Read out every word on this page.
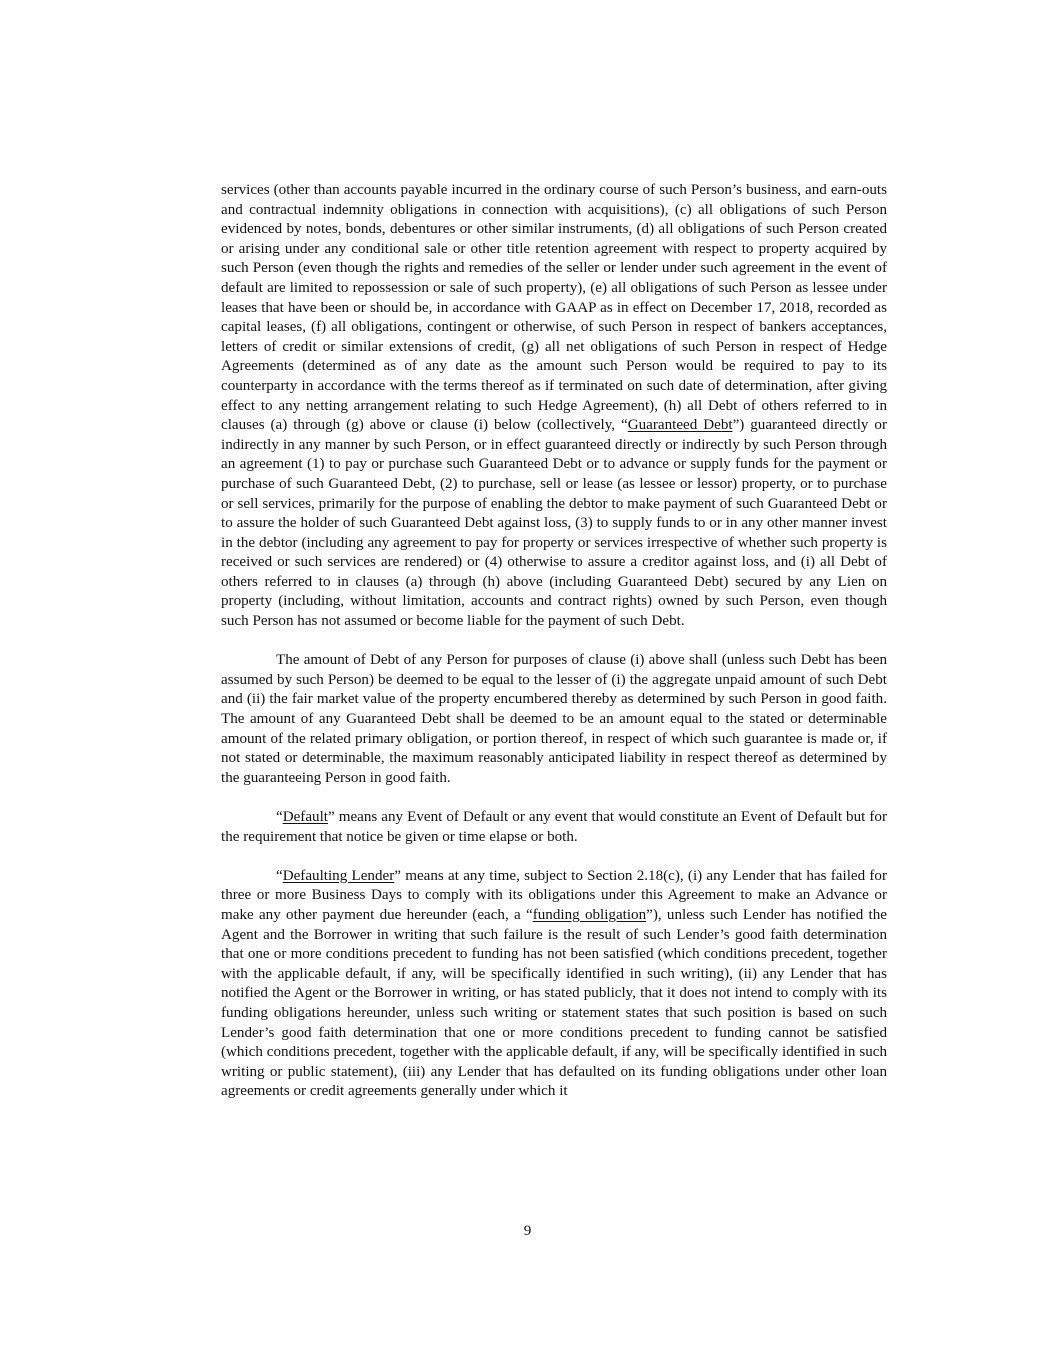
services (other than accounts payable incurred in the ordinary course of such Person’s business, and earn-outs and contractual indemnity obligations in connection with acquisitions), (c) all obligations of such Person evidenced by notes, bonds, debentures or other similar instruments, (d) all obligations of such Person created or arising under any conditional sale or other title retention agreement with respect to property acquired by such Person (even though the rights and remedies of the seller or lender under such agreement in the event of default are limited to repossession or sale of such property), (e) all obligations of such Person as lessee under leases that have been or should be, in accordance with GAAP as in effect on December 17, 2018, recorded as capital leases, (f) all obligations, contingent or otherwise, of such Person in respect of bankers acceptances, letters of credit or similar extensions of credit, (g) all net obligations of such Person in respect of Hedge Agreements (determined as of any date as the amount such Person would be required to pay to its counterparty in accordance with the terms thereof as if terminated on such date of determination, after giving effect to any netting arrangement relating to such Hedge Agreement), (h) all Debt of others referred to in clauses (a) through (g) above or clause (i) below (collectively, “Guaranteed Debt”) guaranteed directly or indirectly in any manner by such Person, or in effect guaranteed directly or indirectly by such Person through an agreement (1) to pay or purchase such Guaranteed Debt or to advance or supply funds for the payment or purchase of such Guaranteed Debt, (2) to purchase, sell or lease (as lessee or lessor) property, or to purchase or sell services, primarily for the purpose of enabling the debtor to make payment of such Guaranteed Debt or to assure the holder of such Guaranteed Debt against loss, (3) to supply funds to or in any other manner invest in the debtor (including any agreement to pay for property or services irrespective of whether such property is received or such services are rendered) or (4) otherwise to assure a creditor against loss, and (i) all Debt of others referred to in clauses (a) through (h) above (including Guaranteed Debt) secured by any Lien on property (including, without limitation, accounts and contract rights) owned by such Person, even though such Person has not assumed or become liable for the payment of such Debt.

The amount of Debt of any Person for purposes of clause (i) above shall (unless such Debt has been assumed by such Person) be deemed to be equal to the lesser of (i) the aggregate unpaid amount of such Debt and (ii) the fair market value of the property encumbered thereby as determined by such Person in good faith. The amount of any Guaranteed Debt shall be deemed to be an amount equal to the stated or determinable amount of the related primary obligation, or portion thereof, in respect of which such guarantee is made or, if not stated or determinable, the maximum reasonably anticipated liability in respect thereof as determined by the guaranteeing Person in good faith.

“Default” means any Event of Default or any event that would constitute an Event of Default but for the requirement that notice be given or time elapse or both.

“Defaulting Lender” means at any time, subject to Section 2.18(c), (i) any Lender that has failed for three or more Business Days to comply with its obligations under this Agreement to make an Advance or make any other payment due hereunder (each, a “funding obligation”), unless such Lender has notified the Agent and the Borrower in writing that such failure is the result of such Lender’s good faith determination that one or more conditions precedent to funding has not been satisfied (which conditions precedent, together with the applicable default, if any, will be specifically identified in such writing), (ii) any Lender that has notified the Agent or the Borrower in writing, or has stated publicly, that it does not intend to comply with its funding obligations hereunder, unless such writing or statement states that such position is based on such Lender’s good faith determination that one or more conditions precedent to funding cannot be satisfied (which conditions precedent, together with the applicable default, if any, will be specifically identified in such writing or public statement), (iii) any Lender that has defaulted on its funding obligations under other loan agreements or credit agreements generally under which it

9
